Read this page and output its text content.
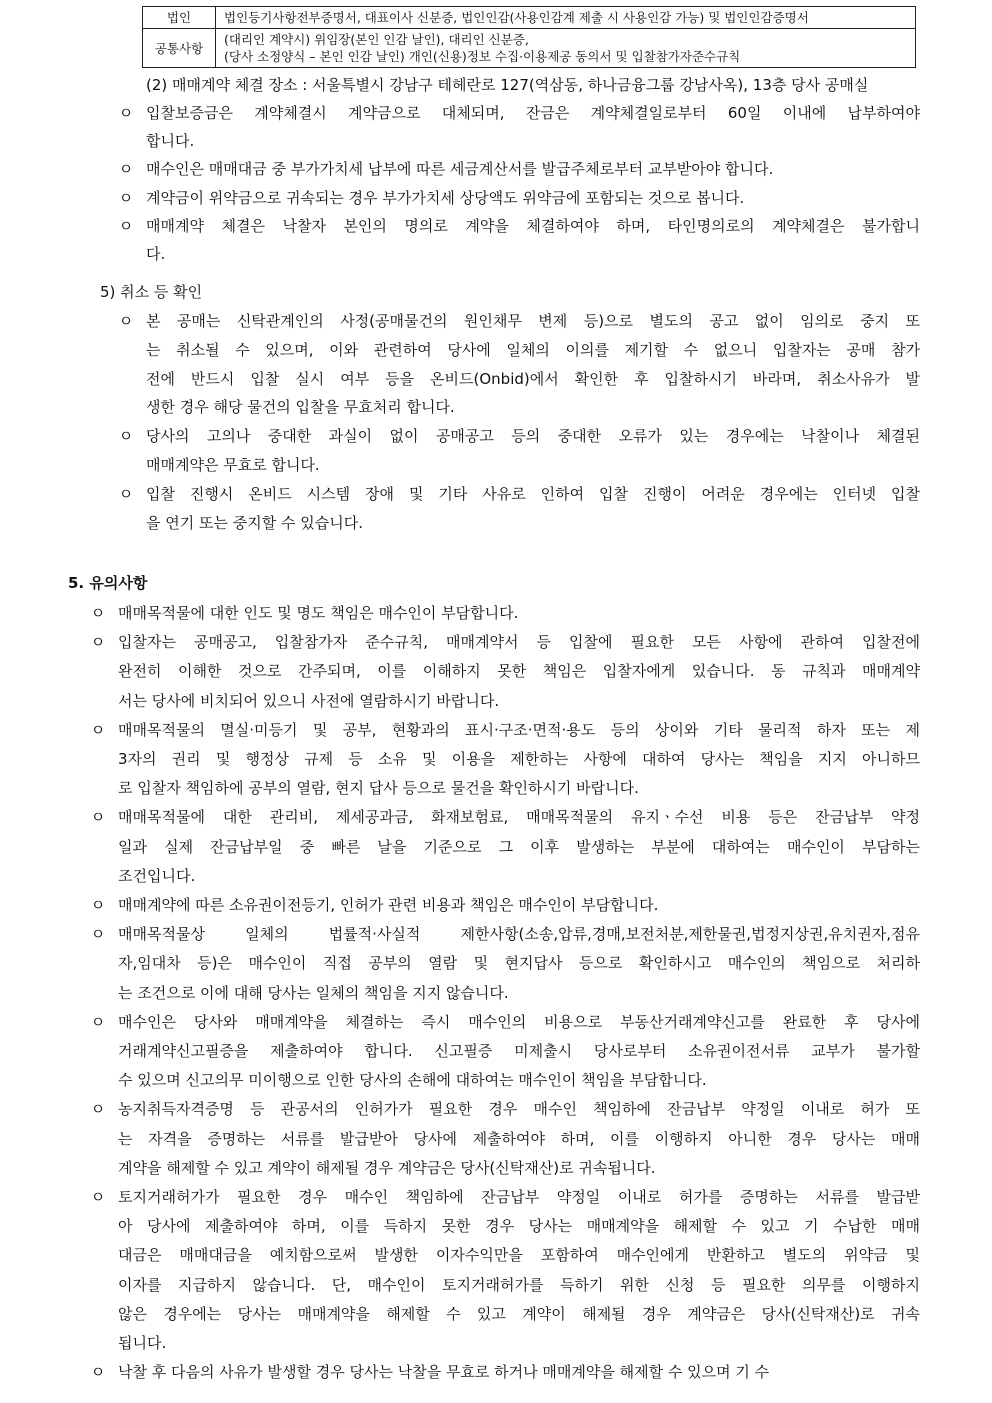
법인	법인등기사항전부증명서, 대표이사 신분증, 법인인감(사용인감계 제출 시 사용인감 가능) 및 법인인감증명서

공통사항	(대리인 계약시) 위임장(본인 인감 날인), 대리인 신분증,
(당사 소정양식 – 본인 인감 날인) 개인(신용)정보 수집·이용제공 동의서 및 입찰참가자준수규칙
(2) 매매계약 체결 장소 : 서울특별시 강남구 테헤란로 127(역삼동, 하나금융그룹 강남사옥), 13층 당사 공매실
ㅇ 입찰보증금은 계약체결시 계약금으로 대체되며, 잔금은 계약체결일로부터 60일 이내에 납부하여야
합니다.
ㅇ 매수인은 매매대금 중 부가가치세 납부에 따른 세금계산서를 발급주체로부터 교부받아야 합니다.
ㅇ 계약금이 위약금으로 귀속되는 경우 부가가치세 상당액도 위약금에 포함되는 것으로 봅니다.
ㅇ 매매계약 체결은 낙찰자 본인의 명의로 계약을 체결하여야 하며, 타인명의로의 계약체결은 불가합니
다.
5) 취소 등 확인
ㅇ 본 공매는 신탁관계인의 사정(공매물건의 원인채무 변제 등)으로 별도의 공고 없이 임의로 중지 또
는 취소될 수 있으며, 이와 관련하여 당사에 일체의 이의를 제기할 수 없으니 입찰자는 공매 참가
전에 반드시 입찰 실시 여부 등을 온비드(Onbid)에서 확인한 후 입찰하시기 바라며, 취소사유가 발
생한 경우 해당 물건의 입찰을 무효처리 합니다.
ㅇ 당사의 고의나 중대한 과실이 없이 공매공고 등의 중대한 오류가 있는 경우에는 낙찰이나 체결된
매매계약은 무효로 합니다.
ㅇ 입찰 진행시 온비드 시스템 장애 및 기타 사유로 인하여 입찰 진행이 어려운 경우에는 인터넷 입찰
을 연기 또는 중지할 수 있습니다.
5. 유의사항
ㅇ 매매목적물에 대한 인도 및 명도 책임은 매수인이 부담합니다.
ㅇ 입찰자는 공매공고, 입찰참가자 준수규칙, 매매계약서 등 입찰에 필요한 모든 사항에 관하여 입찰전에
완전히 이해한 것으로 간주되며, 이를 이해하지 못한 책임은 입찰자에게 있습니다. 동 규칙과 매매계약
서는 당사에 비치되어 있으니 사전에 열람하시기 바랍니다.
ㅇ 매매목적물의 멸실·미등기 및 공부, 현황과의 표시·구조·면적·용도 등의 상이와 기타 물리적 하자 또는 제
3자의 권리 및 행정상 규제 등 소유 및 이용을 제한하는 사항에 대하여 당사는 책임을 지지 아니하므
로 입찰자 책임하에 공부의 열람, 현지 답사 등으로 물건을 확인하시기 바랍니다.
ㅇ 매매목적물에 대한 관리비, 제세공과금, 화재보험료, 매매목적물의 유지ㆍ수선 비용 등은 잔금납부 약정
일과 실제 잔금납부일 중 빠른 날을 기준으로 그 이후 발생하는 부분에 대하여는 매수인이 부담하는
조건입니다.
ㅇ 매매계약에 따른 소유권이전등기, 인허가 관련 비용과 책임은 매수인이 부담합니다.
ㅇ 매매목적물상 일체의 법률적·사실적 제한사항(소송,압류,경매,보전처분,제한물권,법정지상권,유치권자,점유
자,임대차 등)은 매수인이 직접 공부의 열람 및 현지답사 등으로 확인하시고 매수인의 책임으로 처리하
는 조건으로 이에 대해 당사는 일체의 책임을 지지 않습니다.
ㅇ 매수인은 당사와 매매계약을 체결하는 즉시 매수인의 비용으로 부동산거래계약신고를 완료한 후 당사에
거래계약신고필증을 제출하여야 합니다. 신고필증 미제출시 당사로부터 소유권이전서류 교부가 불가할
수 있으며 신고의무 미이행으로 인한 당사의 손해에 대하여는 매수인이 책임을 부담합니다.
ㅇ 농지취득자격증명 등 관공서의 인허가가 필요한 경우 매수인 책임하에 잔금납부 약정일 이내로 허가 또
는 자격을 증명하는 서류를 발급받아 당사에 제출하여야 하며, 이를 이행하지 아니한 경우 당사는 매매
계약을 해제할 수 있고 계약이 해제될 경우 계약금은 당사(신탁재산)로 귀속됩니다.
ㅇ 토지거래허가가 필요한 경우 매수인 책임하에 잔금납부 약정일 이내로 허가를 증명하는 서류를 발급받
아 당사에 제출하여야 하며, 이를 득하지 못한 경우 당사는 매매계약을 해제할 수 있고 기 수납한 매매
대금은 매매대금을 예치함으로써 발생한 이자수익만을 포함하여 매수인에게 반환하고 별도의 위약금 및
이자를 지급하지 않습니다. 단, 매수인이 토지거래허가를 득하기 위한 신청 등 필요한 의무를 이행하지
않은 경우에는 당사는 매매계약을 해제할 수 있고 계약이 해제될 경우 계약금은 당사(신탁재산)로 귀속
됩니다.
ㅇ 낙찰 후 다음의 사유가 발생할 경우 당사는 낙찰을 무효로 하거나 매매계약을 해제할 수 있으며 기 수
